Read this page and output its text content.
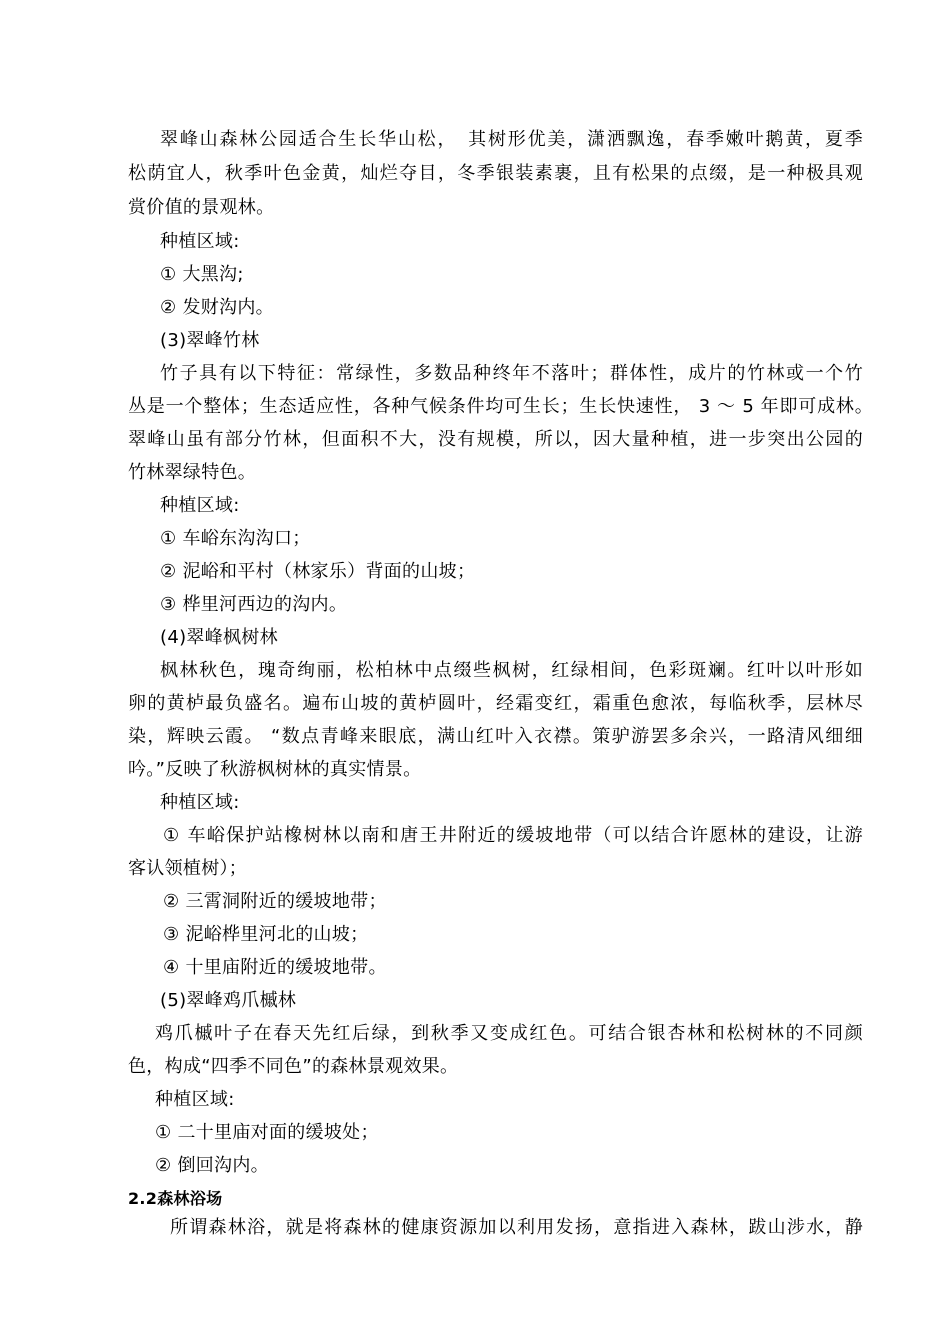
翠峰山森林公园适合生长华山松，　其树形优美，潇洒飘逸，春季嫩叶鹅黄，夏季
松荫宜人，秋季叶色金黄，灿烂夺目，冬季银装素裹，且有松果的点缀，是一种极具观
赏价值的景观林。
种植区域:
① 大黑沟;
② 发财沟内。
(3)翠峰竹林
竹子具有以下特征：常绿性，多数品种终年不落叶；群体性，成片的竹林或一个竹
丛是一个整体；生态适应性，各种气候条件均可生长；生长快速性， 3 ～ 5 年即可成林。
翠峰山虽有部分竹林，但面积不大，没有规模，所以，因大量种植，进一步突出公园的
竹林翠绿特色。
种植区域:
① 车峪东沟沟口；
② 泥峪和平村（林家乐）背面的山坡；
③ 桦里河西边的沟内。
(4)翠峰枫树林
枫林秋色，瑰奇绚丽，松柏林中点缀些枫树，红绿相间，色彩斑斓。红叶以叶形如
卵的黄栌最负盛名。遍布山坡的黄栌圆叶，经霜变红，霜重色愈浓，每临秋季，层林尽
染，辉映云霞。 “数点青峰来眼底，满山红叶入衣襟。策驴游罢多余兴，一路清风细细
吟。”反映了秋游枫树林的真实情景。
种植区域:
① 车峪保护站橡树林以南和唐王井附近的缓坡地带（可以结合许愿林的建设，让游
客认领植树）；
② 三霄洞附近的缓坡地带；
③ 泥峪桦里河北的山坡；
④ 十里庙附近的缓坡地带。
(5)翠峰鸡爪槭林
鸡爪槭叶子在春天先红后绿，到秋季又变成红色。可结合银杏林和松树林的不同颜
色，构成“四季不同色”的森林景观效果。
种植区域:
① 二十里庙对面的缓坡处；
② 倒回沟内。
2.2森林浴场
所谓森林浴，就是将森林的健康资源加以利用发扬，意指进入森林，跋山涉水，静
